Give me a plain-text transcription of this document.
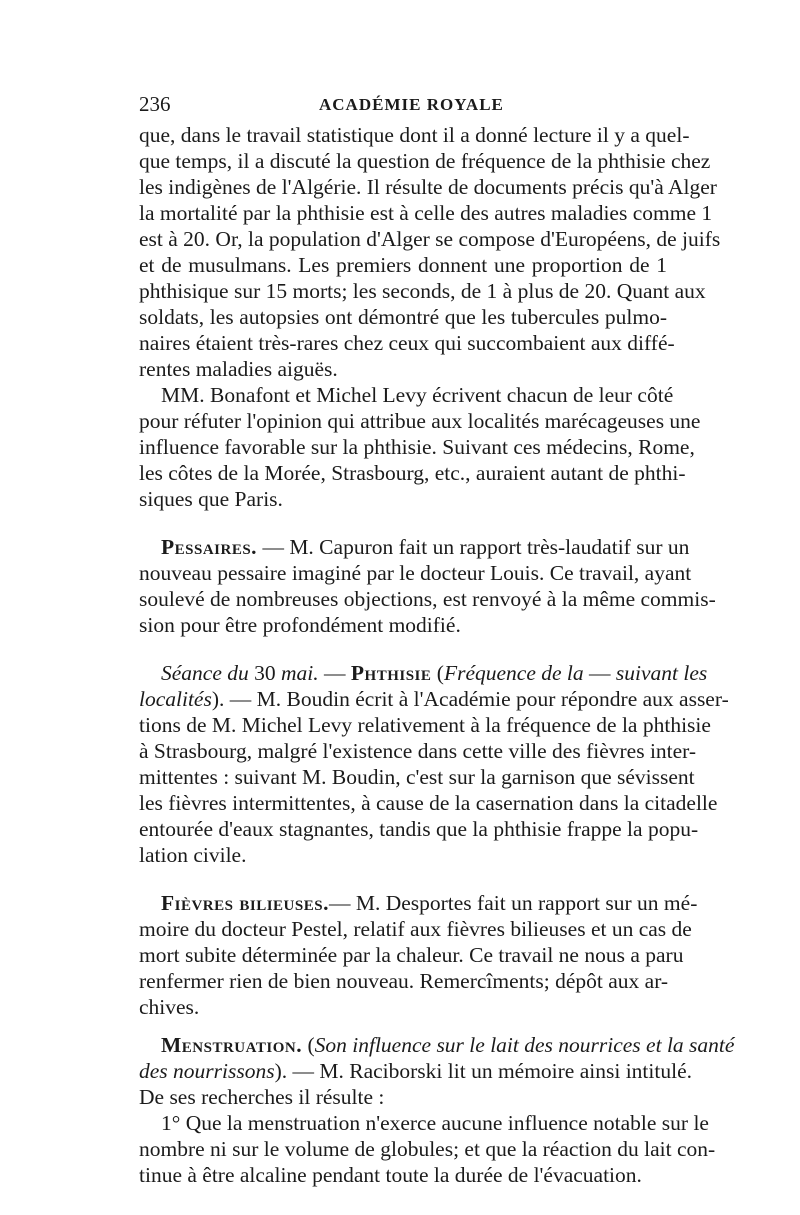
236	ACADÉMIE ROYALE
que, dans le travail statistique dont il a donné lecture il y a quel-
que temps, il a discuté la question de fréquence de la phthisie chez
les indigènes de l'Algérie. Il résulte de documents précis qu'à Alger
la mortalité par la phthisie est à celle des autres maladies comme 1
est à 20. Or, la population d'Alger se compose d'Européens, de juifs
et de musulmans. Les premiers donnent une proportion de 1
phthisique sur 15 morts; les seconds, de 1 à plus de 20. Quant aux
soldats, les autopsies ont démontré que les tubercules pulmo-
naires étaient très-rares chez ceux qui succombaient aux diffé-
rentes maladies aiguës.
MM. Bonafont et Michel Levy écrivent chacun de leur côté
pour réfuter l'opinion qui attribue aux localités marécageuses une
influence favorable sur la phthisie. Suivant ces médecins, Rome,
les côtes de la Morée, Strasbourg, etc., auraient autant de phthi-
siques que Paris.
Pessaires. — M. Capuron fait un rapport très-laudatif sur un
nouveau pessaire imaginé par le docteur Louis. Ce travail, ayant
soulevé de nombreuses objections, est renvoyé à la même commis-
sion pour être profondément modifié.
Séance du 30 mai. — Phthisie (Fréquence de la — suivant les
localités). — M. Boudin écrit à l'Académie pour répondre aux asser-
tions de M. Michel Levy relativement à la fréquence de la phthisie
à Strasbourg, malgré l'existence dans cette ville des fièvres inter-
mittentes : suivant M. Boudin, c'est sur la garnison que sévissent
les fièvres intermittentes, à cause de la casernation dans la citadelle
entourée d'eaux stagnantes, tandis que la phthisie frappe la popu-
lation civile.
Fièvres bilieuses.— M. Desportes fait un rapport sur un mé-
moire du docteur Pestel, relatif aux fièvres bilieuses et un cas de
mort subite déterminée par la chaleur. Ce travail ne nous a paru
renfermer rien de bien nouveau. Remercîments; dépôt aux ar-
chives.
Menstruation. (Son influence sur le lait des nourrices et la santé
des nourrissons). — M. Raciborski lit un mémoire ainsi intitulé.
De ses recherches il résulte :
1° Que la menstruation n'exerce aucune influence notable sur le
nombre ni sur le volume de globules; et que la réaction du lait con-
tinue à être alcaline pendant toute la durée de l'évacuation.
